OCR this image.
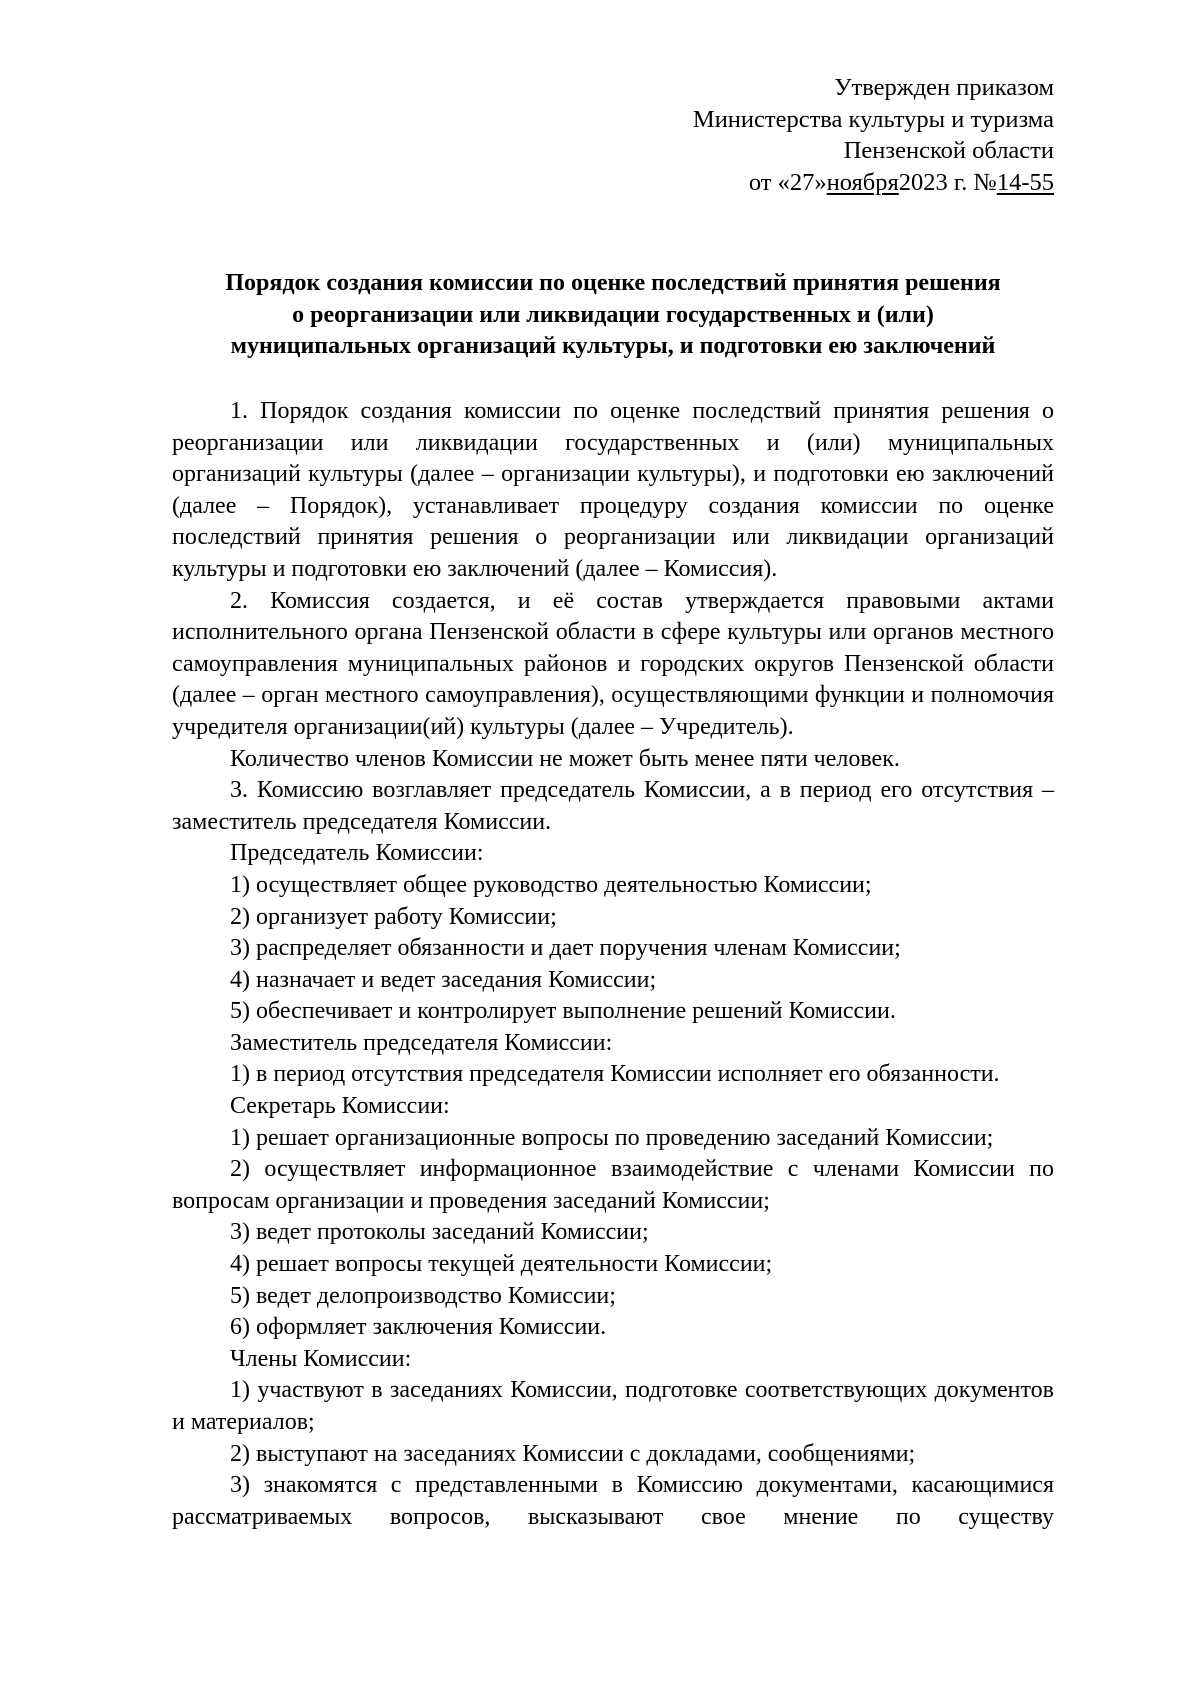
Утвержден приказом
Министерства культуры и туризма
Пензенской области
от «27»ноября2023 г. №14-55
Порядок создания комиссии по оценке последствий принятия решения
о реорганизации или ликвидации государственных и (или)
муниципальных организаций культуры, и подготовки ею заключений

1. Порядок создания комиссии по оценке последствий принятия решения о реорганизации или ликвидации государственных и (или) муниципальных организаций культуры (далее – организации культуры), и подготовки ею заключений (далее – Порядок), устанавливает процедуру создания комиссии по оценке последствий принятия решения о реорганизации или ликвидации организаций культуры и подготовки ею заключений (далее – Комиссия).

2. Комиссия создается, и её состав утверждается правовыми актами исполнительного органа Пензенской области в сфере культуры или органов местного самоуправления муниципальных районов и городских округов Пензенской области (далее – орган местного самоуправления), осуществляющими функции и полномочия учредителя организации(ий) культуры (далее – Учредитель).

Количество членов Комиссии не может быть менее пяти человек.

3. Комиссию возглавляет председатель Комиссии, а в период его отсутствия – заместитель председателя Комиссии.

Председатель Комиссии:

1) осуществляет общее руководство деятельностью Комиссии;

2) организует работу Комиссии;

3) распределяет обязанности и дает поручения членам Комиссии;

4) назначает и ведет заседания Комиссии;

5) обеспечивает и контролирует выполнение решений Комиссии.

Заместитель председателя Комиссии:

1) в период отсутствия председателя Комиссии исполняет его обязанности.

Секретарь Комиссии:

1) решает организационные вопросы по проведению заседаний Комиссии;

2) осуществляет информационное взаимодействие с членами Комиссии по вопросам организации и проведения заседаний Комиссии;

3) ведет протоколы заседаний Комиссии;

4) решает вопросы текущей деятельности Комиссии;

5) ведет делопроизводство Комиссии;

6) оформляет заключения Комиссии.

Члены Комиссии:

1) участвуют в заседаниях Комиссии, подготовке соответствующих документов и материалов;

2) выступают на заседаниях Комиссии с докладами, сообщениями;

3) знакомятся с представленными в Комиссию документами, касающимися рассматриваемых вопросов, высказывают свое мнение по существу
